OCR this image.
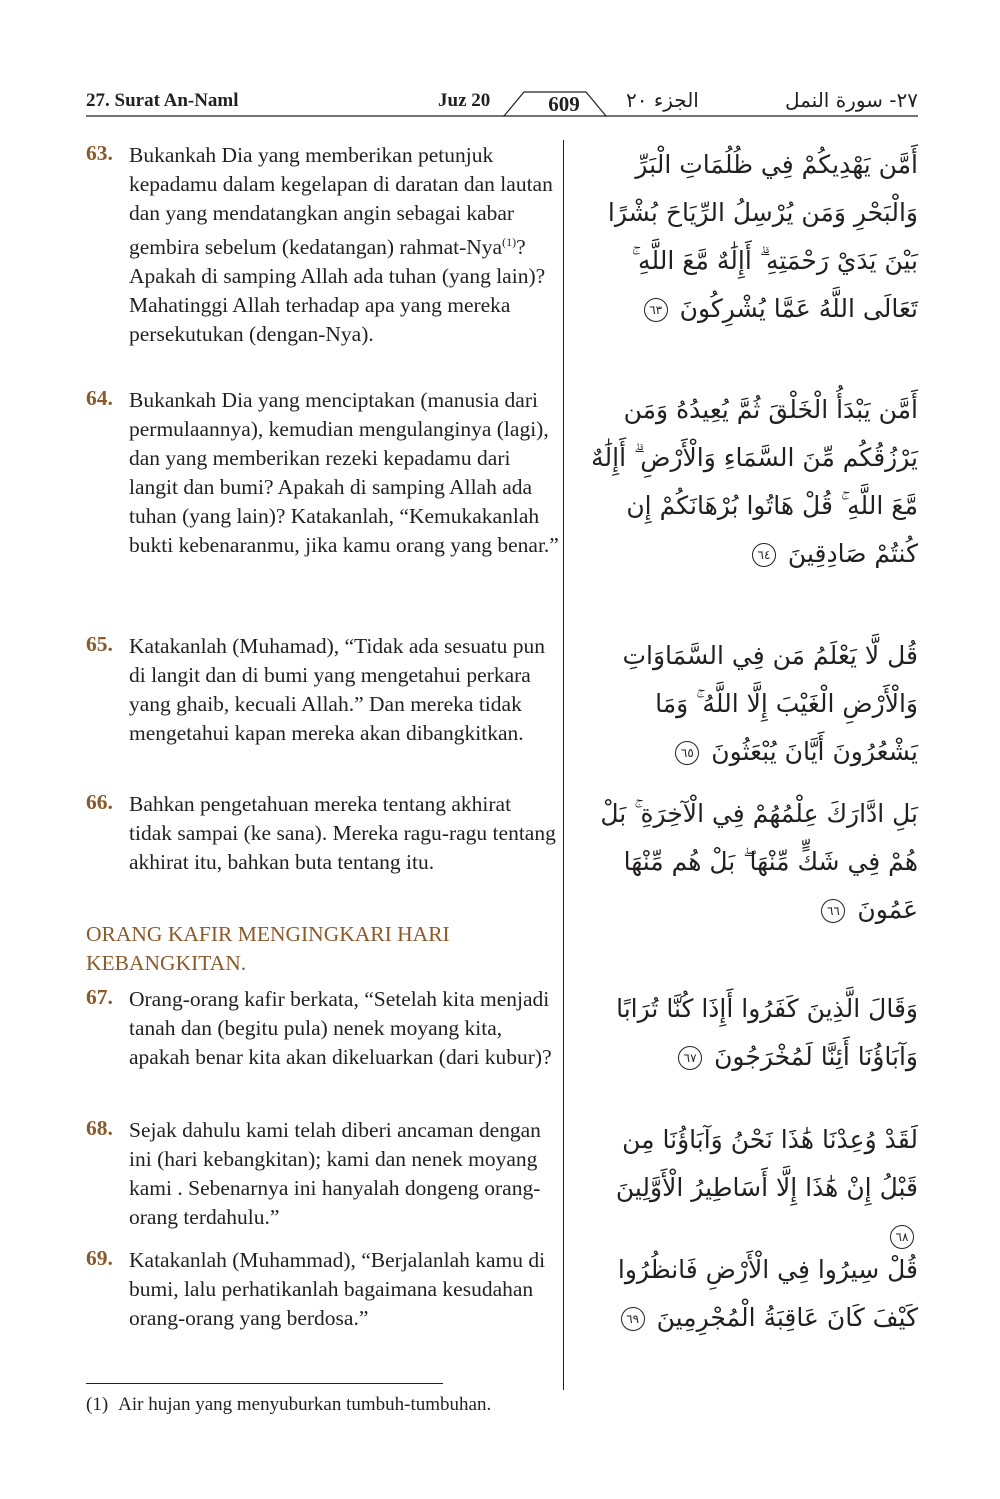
27. Surat An-Naml	Juz 20	609	الجزء ٢٠	٢٧- سورة النمل
63. Bukankah Dia yang memberikan petunjuk kepadamu dalam kegelapan di daratan dan lautan dan yang mendatangkan angin sebagai kabar gembira sebelum (kedatangan) rahmat-Nya$^{(1)}$? Apakah di samping Allah ada tuhan (yang lain)? Mahatinggi Allah terhadap apa yang mereka persekutukan (dengan-Nya).
أَمَّن يَهْدِيكُمْ فِي ظُلُمَاتِ الْبَرِّ وَالْبَحْرِ وَمَن يُرْسِلُ الرِّيَاحَ بُشْرًا بَيْنَ يَدَيْ رَحْمَتِهِ ۗ أَإِلَٰهٌ مَّعَ اللَّهِ ۚ تَعَالَى اللَّهُ عَمَّا يُشْرِكُونَ ٦٣
64. Bukankah Dia yang menciptakan (manusia dari permulaannya), kemudian mengulanginya (lagi), dan yang memberikan rezeki kepadamu dari langit dan bumi? Apakah di samping Allah ada tuhan (yang lain)? Katakanlah, “Kemukakanlah bukti kebenaranmu, jika kamu orang yang benar.”
أَمَّن يَبْدَأُ الْخَلْقَ ثُمَّ يُعِيدُهُ وَمَن يَرْزُقُكُم مِّنَ السَّمَاءِ وَالْأَرْضِ ۗ أَإِلَٰهٌ مَّعَ اللَّهِ ۚ قُلْ هَاتُوا بُرْهَانَكُمْ إِن كُنتُمْ صَادِقِينَ ٦٤
65. Katakanlah (Muhamad), “Tidak ada sesuatu pun di langit dan di bumi yang mengetahui perkara yang ghaib, kecuali Allah.” Dan mereka tidak mengetahui kapan mereka akan dibangkitkan.
قُل لَّا يَعْلَمُ مَن فِي السَّمَاوَاتِ وَالْأَرْضِ الْغَيْبَ إِلَّا اللَّهُ ۚ وَمَا يَشْعُرُونَ أَيَّانَ يُبْعَثُونَ ٦٥
66. Bahkan pengetahuan mereka tentang akhirat tidak sampai (ke sana). Mereka ragu-ragu tentang akhirat itu, bahkan buta tentang itu.
بَلِ ادَّارَكَ عِلْمُهُمْ فِي الْآخِرَةِ ۚ بَلْ هُمْ فِي شَكٍّ مِّنْهَا ۖ بَلْ هُم مِّنْهَا عَمُونَ ٦٦
ORANG KAFIR MENGINGKARI HARI KEBANGKITAN.
67. Orang-orang kafir berkata, “Setelah kita menjadi tanah dan (begitu pula) nenek moyang kita, apakah benar kita akan dikeluarkan (dari kubur)?
وَقَالَ الَّذِينَ كَفَرُوا أَإِذَا كُنَّا تُرَابًا وَآبَاؤُنَا أَئِنَّا لَمُخْرَجُونَ ٦٧
68. Sejak dahulu kami telah diberi ancaman dengan ini (hari kebangkitan); kami dan nenek moyang kami . Sebenarnya ini hanyalah dongeng orang-orang terdahulu.”
لَقَدْ وُعِدْنَا هَٰذَا نَحْنُ وَآبَاؤُنَا مِن قَبْلُ إِنْ هَٰذَا إِلَّا أَسَاطِيرُ الْأَوَّلِينَ ٦٨
69. Katakanlah (Muhammad), “Berjalanlah kamu di bumi, lalu perhatikanlah bagaimana kesudahan orang-orang yang berdosa.”
قُلْ سِيرُوا فِي الْأَرْضِ فَانظُرُوا كَيْفَ كَانَ عَاقِبَةُ الْمُجْرِمِينَ ٦٩
(1) Air hujan yang menyuburkan tumbuh-tumbuhan.
